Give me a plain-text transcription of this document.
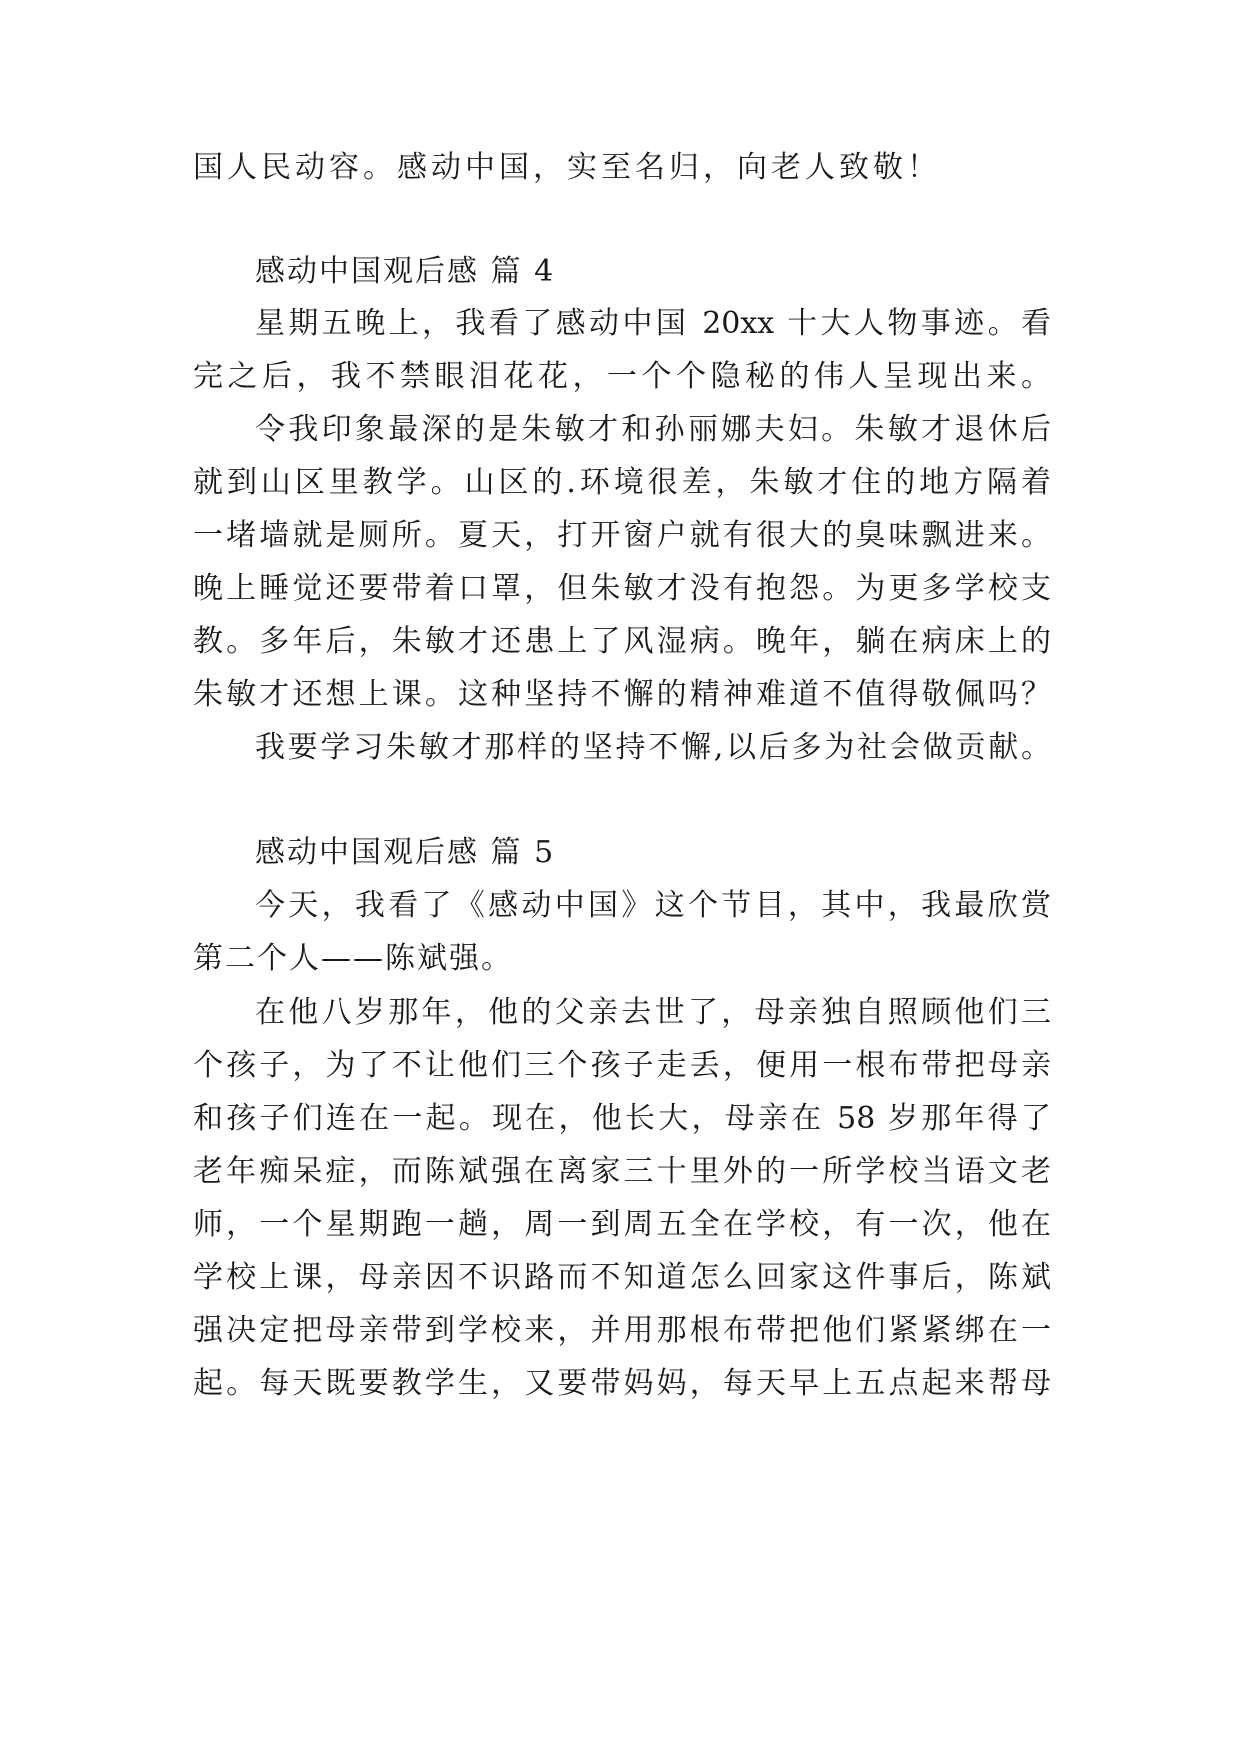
国人民动容。感动中国，实至名归，向老人致敬！

感动中国观后感 篇 4

星期五晚上，我看了感动中国 20xx 十大人物事迹。看

完之后，我不禁眼泪花花，一个个隐秘的伟人呈现出来。

令我印象最深的是朱敏才和孙丽娜夫妇。朱敏才退休后

就到山区里教学。山区的.环境很差，朱敏才住的地方隔着

一堵墙就是厕所。夏天，打开窗户就有很大的臭味飘进来。

晚上睡觉还要带着口罩，但朱敏才没有抱怨。为更多学校支

教。多年后，朱敏才还患上了风湿病。晚年，躺在病床上的

朱敏才还想上课。这种坚持不懈的精神难道不值得敬佩吗？

我要学习朱敏才那样的坚持不懈,以后多为社会做贡献。

感动中国观后感 篇 5

今天，我看了《感动中国》这个节目，其中，我最欣赏

第二个人——陈斌强。

在他八岁那年，他的父亲去世了，母亲独自照顾他们三

个孩子，为了不让他们三个孩子走丢，便用一根布带把母亲

和孩子们连在一起。现在，他长大，母亲在 58 岁那年得了

老年痴呆症，而陈斌强在离家三十里外的一所学校当语文老

师，一个星期跑一趟，周一到周五全在学校，有一次，他在

学校上课，母亲因不识路而不知道怎么回家这件事后，陈斌

强决定把母亲带到学校来，并用那根布带把他们紧紧绑在一

起。每天既要教学生，又要带妈妈，每天早上五点起来帮母
